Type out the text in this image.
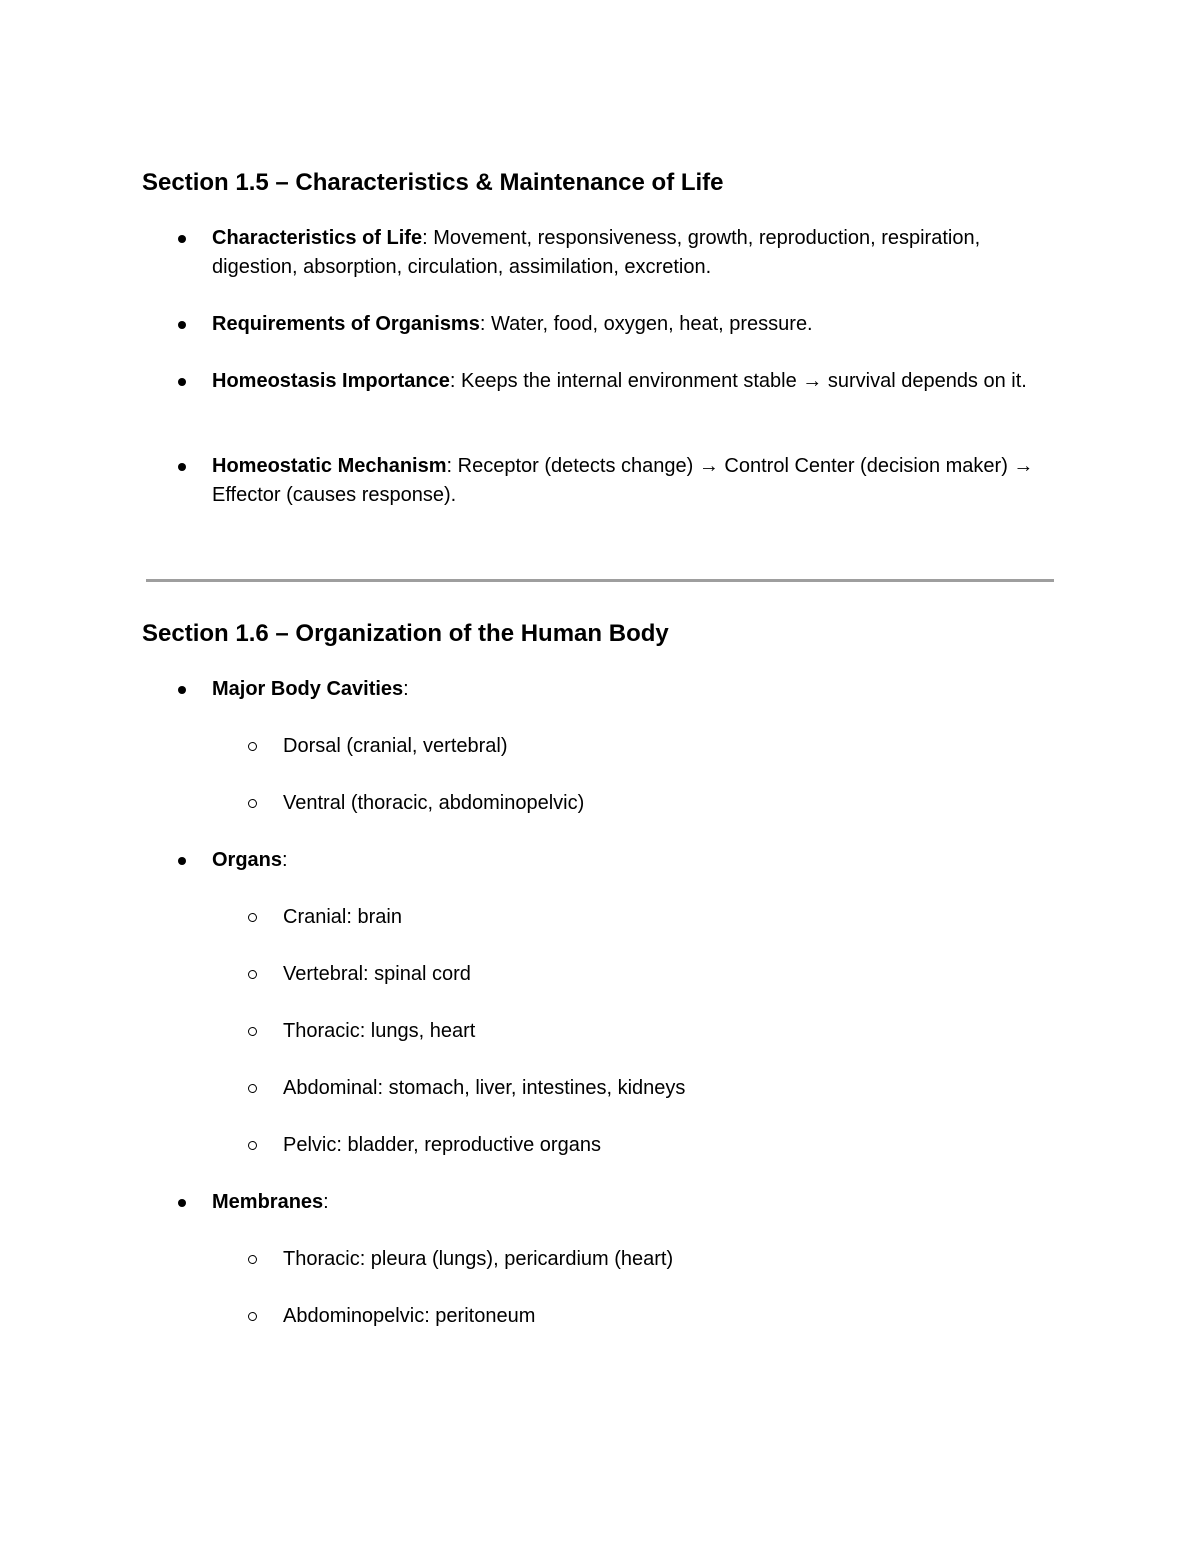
Section 1.5 – Characteristics & Maintenance of Life
Characteristics of Life: Movement, responsiveness, growth, reproduction, respiration, digestion, absorption, circulation, assimilation, excretion.
Requirements of Organisms: Water, food, oxygen, heat, pressure.
Homeostasis Importance: Keeps the internal environment stable → survival depends on it.
Homeostatic Mechanism: Receptor (detects change) → Control Center (decision maker) → Effector (causes response).
Section 1.6 – Organization of the Human Body
Major Body Cavities:
Dorsal (cranial, vertebral)
Ventral (thoracic, abdominopelvic)
Organs:
Cranial: brain
Vertebral: spinal cord
Thoracic: lungs, heart
Abdominal: stomach, liver, intestines, kidneys
Pelvic: bladder, reproductive organs
Membranes:
Thoracic: pleura (lungs), pericardium (heart)
Abdominopelvic: peritoneum
